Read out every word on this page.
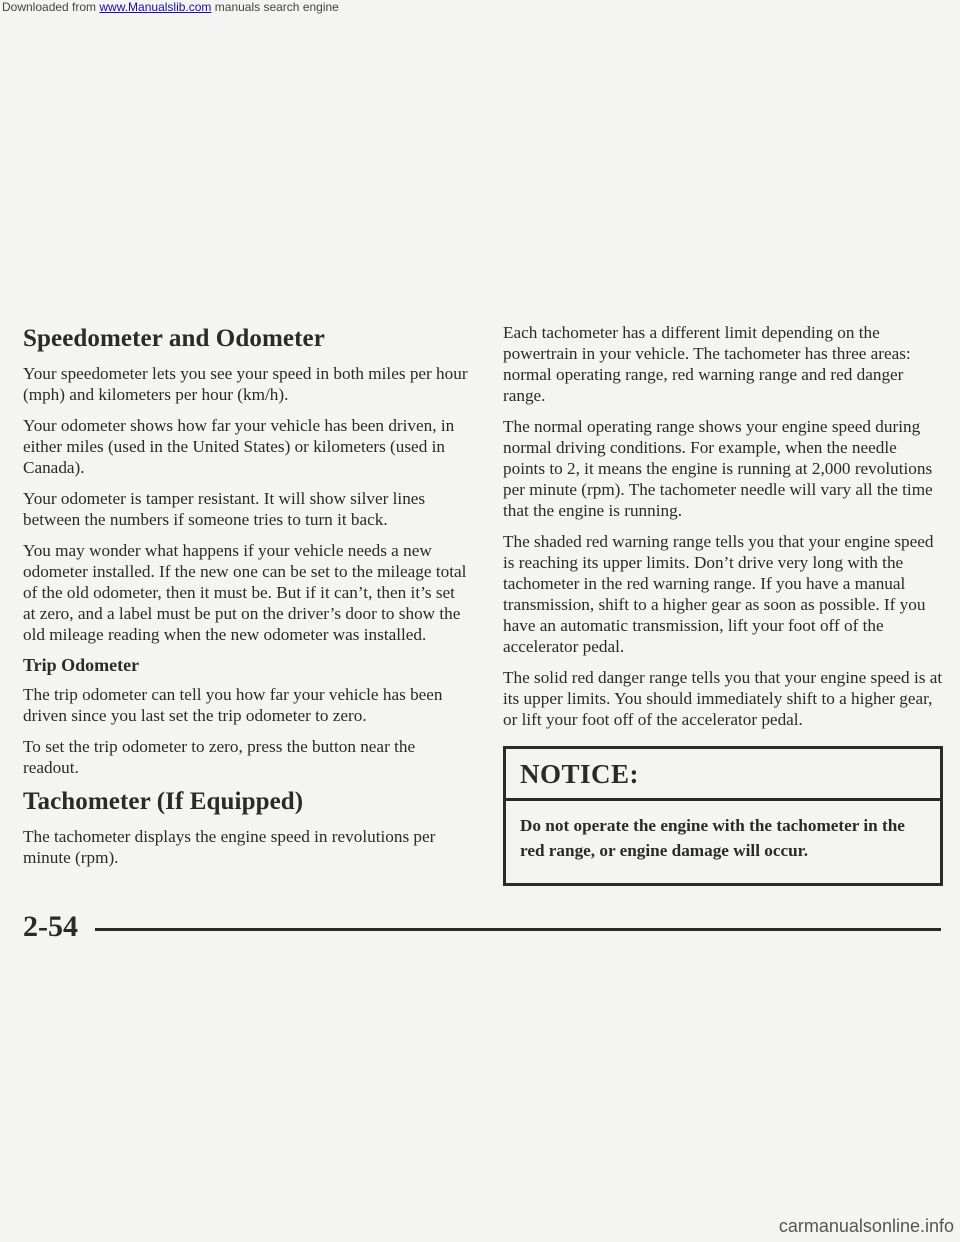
Downloaded from www.Manualslib.com manuals search engine
Speedometer and Odometer

Your speedometer lets you see your speed in both miles per hour (mph) and kilometers per hour (km/h).

Your odometer shows how far your vehicle has been driven, in either miles (used in the United States) or kilometers (used in Canada).

Your odometer is tamper resistant. It will show silver lines between the numbers if someone tries to turn it back.

You may wonder what happens if your vehicle needs a new odometer installed. If the new one can be set to the mileage total of the old odometer, then it must be. But if it can’t, then it’s set at zero, and a label must be put on the driver’s door to show the old mileage reading when the new odometer was installed.

Trip Odometer

The trip odometer can tell you how far your vehicle has been driven since you last set the trip odometer to zero.

To set the trip odometer to zero, press the button near the readout.

Tachometer (If Equipped)

The tachometer displays the engine speed in revolutions per minute (rpm).

Each tachometer has a different limit depending on the powertrain in your vehicle. The tachometer has three areas: normal operating range, red warning range and red danger range.

The normal operating range shows your engine speed during normal driving conditions. For example, when the needle points to 2, it means the engine is running at 2,000 revolutions per minute (rpm). The tachometer needle will vary all the time that the engine is running.

The shaded red warning range tells you that your engine speed is reaching its upper limits. Don’t drive very long with the tachometer in the red warning range. If you have a manual transmission, shift to a higher gear as soon as possible. If you have an automatic transmission, lift your foot off of the accelerator pedal.

The solid red danger range tells you that your engine speed is at its upper limits. You should immediately shift to a higher gear, or lift your foot off of the accelerator pedal.

NOTICE:
Do not operate the engine with the tachometer in the red range, or engine damage will occur.
2-54
carmanualsonline.info
